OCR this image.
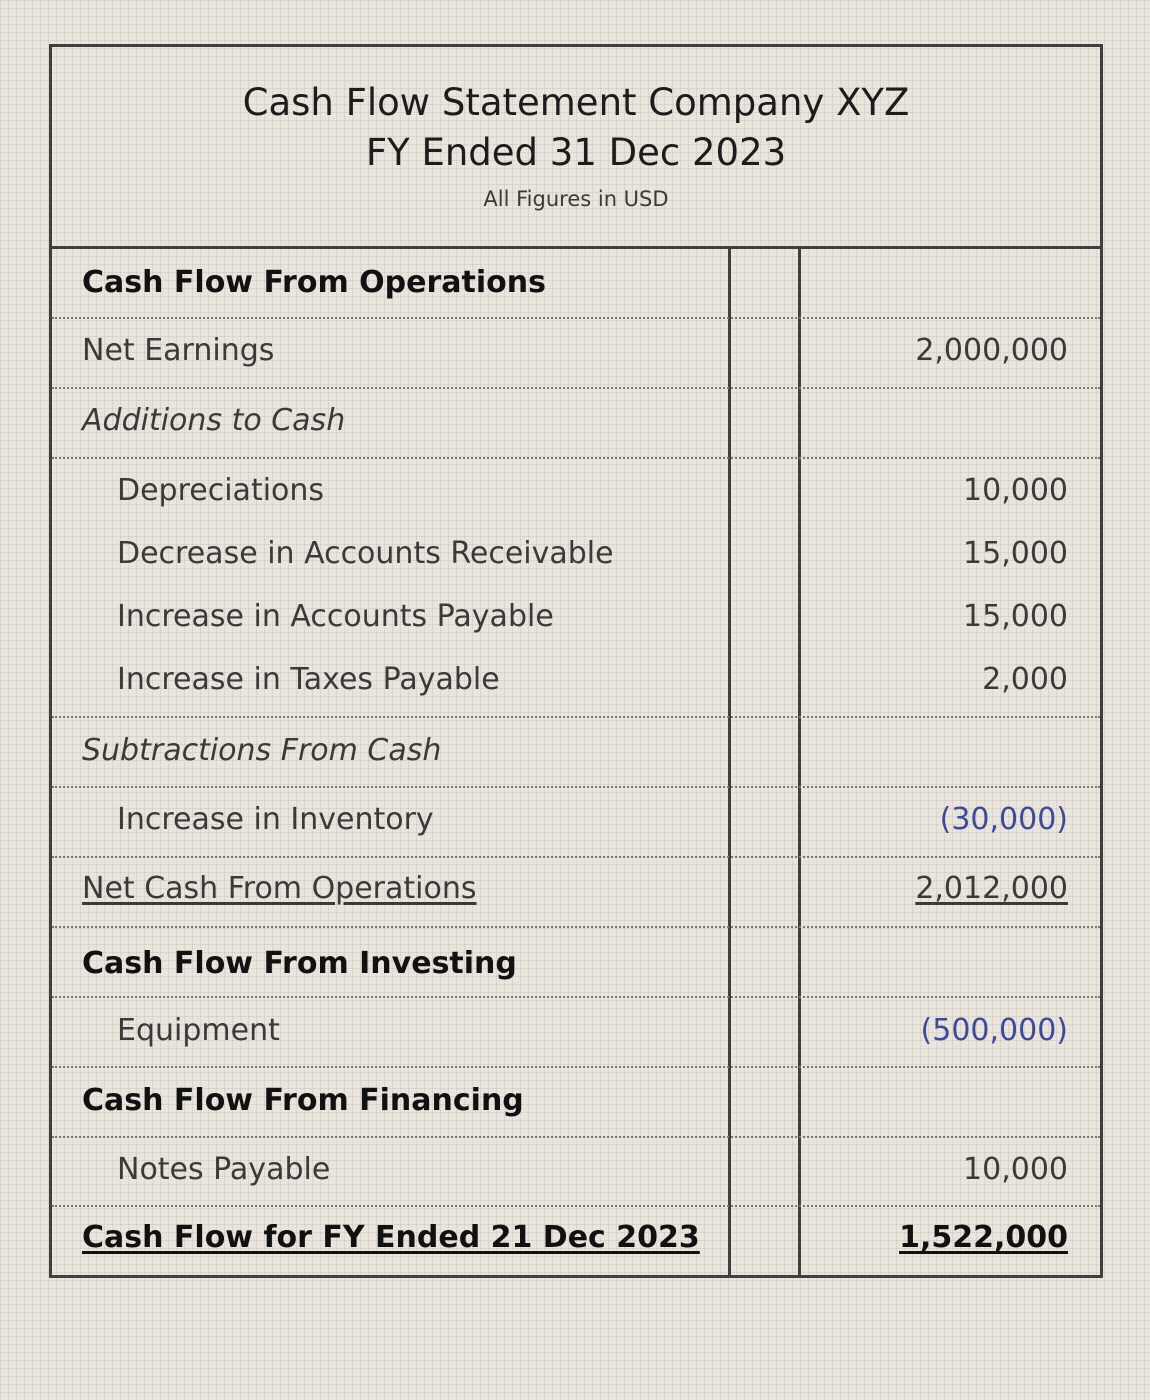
Cash Flow Statement Company XYZ
FY Ended 31 Dec 2023
All Figures in USD
Cash Flow From Operations
Net Earnings	2,000,000
Additions to Cash
Depreciations	10,000
Decrease in Accounts Receivable	15,000
Increase in Accounts Payable	15,000
Increase in Taxes Payable	2,000
Subtractions From Cash
Increase in Inventory	(30,000)
Net Cash From Operations	2,012,000
Cash Flow From Investing
Equipment	(500,000)
Cash Flow From Financing
Notes Payable	10,000
Cash Flow for FY Ended 21 Dec 2023	1,522,000
